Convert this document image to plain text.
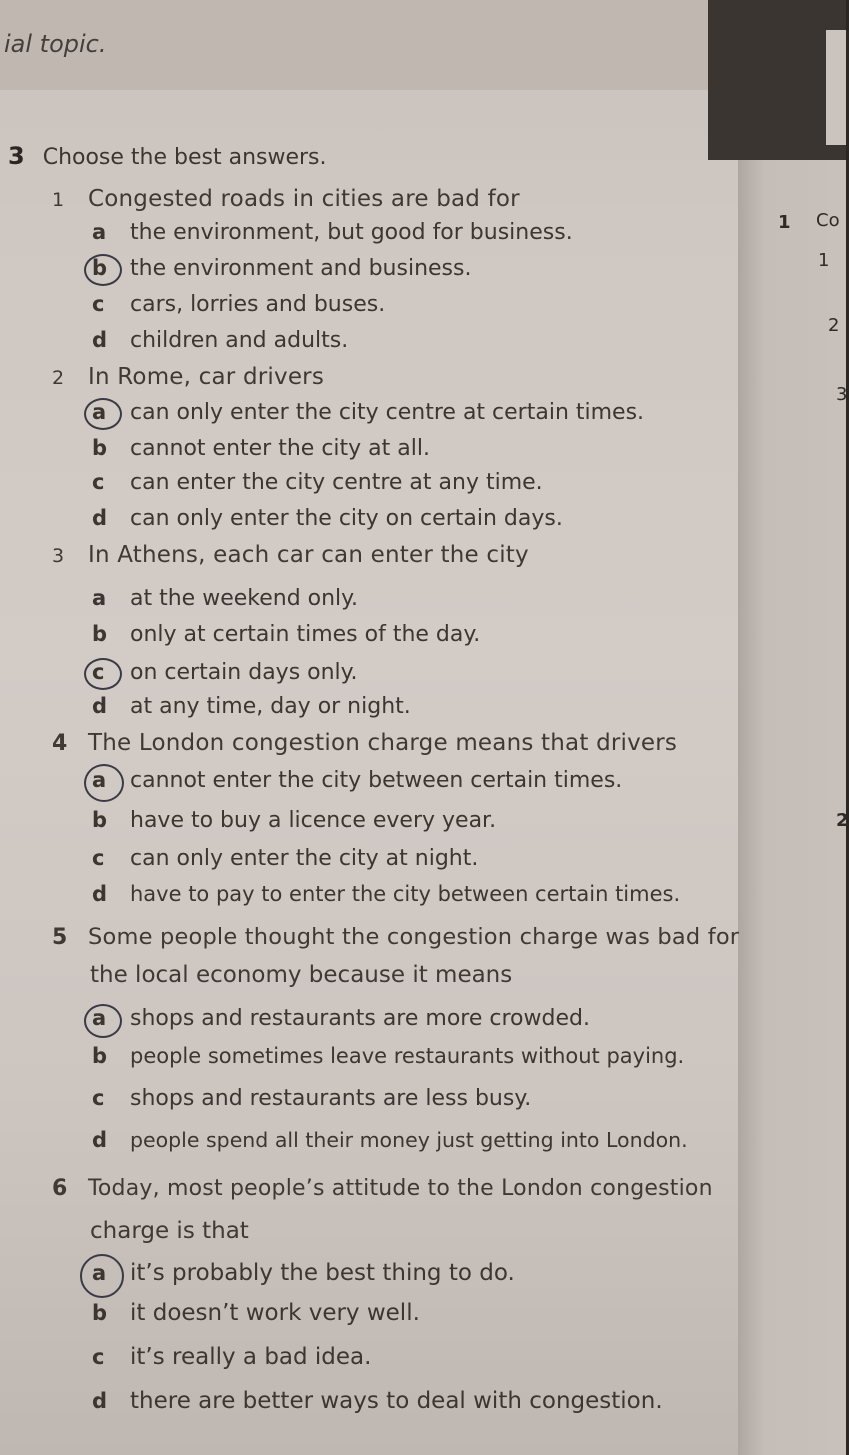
ial topic.
1 Co
1
2
3
2
3 Choose the best answers.
1 Congested roads in cities are bad for
a the environment, but good for business.
b the environment and business.
c cars, lorries and buses.
d children and adults.
2 In Rome, car drivers
a can only enter the city centre at certain times.
b cannot enter the city at all.
c can enter the city centre at any time.
d can only enter the city on certain days.
3 In Athens, each car can enter the city
a at the weekend only.
b only at certain times of the day.
c on certain days only.
d at any time, day or night.
4 The London congestion charge means that drivers
a cannot enter the city between certain times.
b have to buy a licence every year.
c can only enter the city at night.
d have to pay to enter the city between certain times.
5 Some people thought the congestion charge was bad for
the local economy because it means
a shops and restaurants are more crowded.
b people sometimes leave restaurants without paying.
c shops and restaurants are less busy.
d people spend all their money just getting into London.
6 Today, most people’s attitude to the London congestion
charge is that
a it’s probably the best thing to do.
b it doesn’t work very well.
c it’s really a bad idea.
d there are better ways to deal with congestion.
